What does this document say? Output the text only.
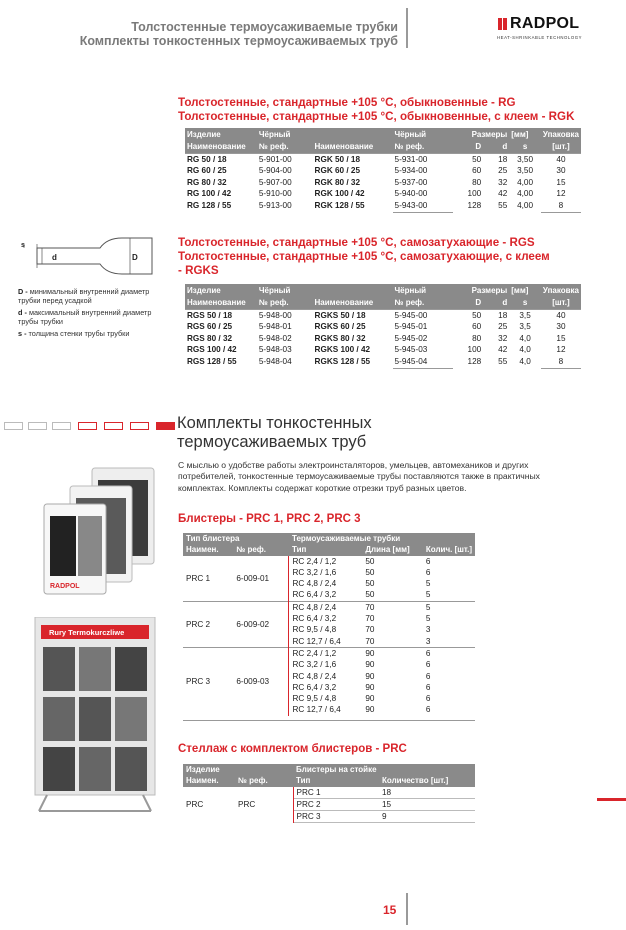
Толстостенные термоусаживаемые трубки
Комплекты тонкостенных термоусаживаемых труб
RADPOL
HEAT-SHRINKABLE TECHNOLOGY
Толстостенные, стандартные +105 °C, обыкновенные - RG
Толстостенные, стандартные +105 °C, обыкновенные, с клеем - RGK
Изделие	Чёрный		Чёрный	Размеры		[мм]	Упаковка
Наименование	№ реф.	Наименование	№ реф.	D	d	s	[шт.]
RG 50 / 18	5-901-00	RGK 50 / 18	5-931-00	50	18	3,50	40
RG 60 / 25	5-904-00	RGK 60 / 25	5-934-00	60	25	3,50	30
RG 80 / 32	5-907-00	RGK 80 / 32	5-937-00	80	32	4,00	15
RG 100 / 42	5-910-00	RGK 100 / 42	5-940-00	100	42	4,00	12
RG 128 / 55	5-913-00	RGK 128 / 55	5-943-00	128	55	4,00	8
s
d	D
D - минимальный внутренний диаметр трубки перед усадкой
d - максимальный внутренний диаметр трубы трубки
s - толщина стенки трубы трубки
Толстостенные, стандартные +105 °C, самозатухающие - RGS
Толстостенные, стандартные +105 °C, самозатухающие, с клеем
- RGKS
Изделие	Чёрный		Чёрный	Размеры		[мм]	Упаковка
Наименование	№ реф.	Наименование	№ реф.	D	d	s	[шт.]
RGS 50 / 18	5-948-00	RGKS 50 / 18	5-945-00	50	18	3,5	40
RGS 60 / 25	5-948-01	RGKS 60 / 25	5-945-01	60	25	3,5	30
RGS 80 / 32	5-948-02	RGKS 80 / 32	5-945-02	80	32	4,0	15
RGS 100 / 42	5-948-03	RGKS 100 / 42	5-945-03	100	42	4,0	12
RGS 128 / 55	5-948-04	RGKS 128 / 55	5-945-04	128	55	4,0	8
Комплекты тонкостенных
термоусаживаемых труб
С мыслью о удобстве работы электроинсталяторов, умельцев, автомехаников и других потребителей, тонкостенные термоусаживаемые трубы поставляются также в практичных комплектах. Комплекты содержат короткие отрезки труб разных цветов.
RADPOL
Rury Termokurczliwe
Блистеры - PRC 1, PRC 2, PRC 3
Тип блистера		Термоусаживаемые трубки		
Наимен.	№ реф.	Тип	Длина [мм]	Колич. [шт.]
PRC 1	6-009-01	RC 2,4 / 1,2	50	6
		RC 3,2 / 1,6	50	6
		RC 4,8 / 2,4	50	5
		RC 6,4 / 3,2	50	5
PRC 2	6-009-02	RC 4,8 / 2,4	70	5
		RC 6,4 / 3,2	70	5
		RC 9,5 / 4,8	70	3
		RC 12,7 / 6,4	70	3
PRC 3	6-009-03	RC 2,4 / 1,2	90	6
		RC 3,2 / 1,6	90	6
		RC 4,8 / 2,4	90	6
		RC 6,4 / 3,2	90	6
		RC 9,5 / 4,8	90	6
		RC 12,7 / 6,4	90	6

Стеллаж с комплектом блистеров - PRC
Изделие		Блистеры на стойке	
Наимен.	№ реф.	Тип	Количество [шт.]
PRC	PRC	PRC 1	18
		PRC 2	15
		PRC 3	9
15
